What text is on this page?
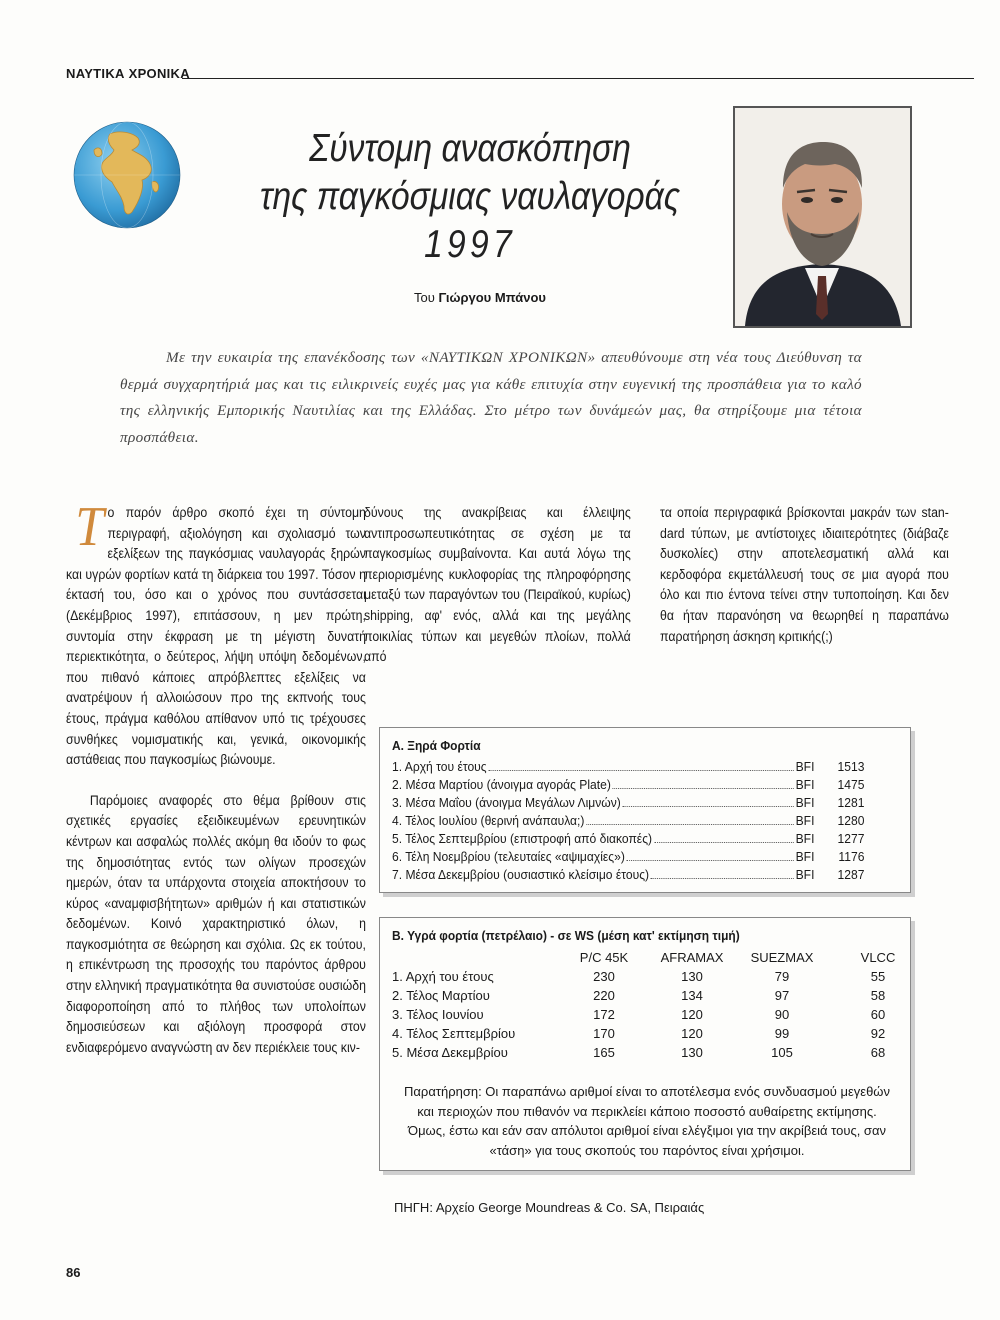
ΝΑΥΤΙΚΑ ΧΡΟΝΙΚΑ
Σύντομη ανασκόπηση
της παγκόσμιας ναυλαγοράς
1997
Του Γιώργου Μπάνου

Με την ευκαιρία της επανέκδοσης των «ΝΑΥΤΙΚΩΝ ΧΡΟΝΙΚΩΝ» απευθύνουμε στη νέα τους Διεύθυνση τα θερμά συγχαρητήριά μας και τις ειλικρινείς ευχές μας για κάθε επιτυχία στην ευγενική της προσπάθεια για το καλό της ελληνικής Εμπορικής Ναυτιλίας και της Ελλάδας. Στο μέτρο των δυνάμεών μας, θα στηρίξουμε μια τέτοια προσπάθεια.

Το παρόν άρθρο σκοπό έχει τη σύντομη περιγραφή, αξιολόγηση και σχολιασμό των εξελίξεων της παγκόσμιας ναυλαγοράς ξηρών και υγρών φορτίων κατά τη διάρκεια του 1997. Τόσον η έκτασή του, όσο και ο χρόνος που συντάσσεται (Δεκέμβριος 1997), επιτάσσουν, η μεν πρώτη, συντομία στην έκφραση με τη μέγιστη δυνατή περιεκτικότητα, ο δεύτερος, λήψη υπόψη δεδομένων, που πιθανό κάποιες απρόβλεπτες εξελίξεις να ανατρέψουν ή αλλοιώσουν προ της εκπνοής τους έτους, πράγμα καθόλου απίθανον υπό τις τρέχουσες συνθήκες νομισματικής και, γενικά, οικονομικής αστάθειας που παγκοσμίως βιώνουμε.

Παρόμοιες αναφορές στο θέμα βρίθουν στις σχετικές εργασίες εξειδικευμένων ερευνητικών κέντρων και ασφαλώς πολλές ακόμη θα ιδούν το φως της δημοσιότητας εντός των ολίγων προσεχών ημερών, όταν τα υπάρχοντα στοιχεία αποκτήσουν το κύρος «αναμφισβήτητων» αριθμών ή και στατιστικών δεδομένων. Κοινό χαρακτηριστικό όλων, η παγκοσμιότητα σε θεώρηση και σχόλια. Ως εκ τούτου, η επικέντρωση της προσοχής του παρόντος άρθρου στην ελληνική πραγματικότητα θα συνιστούσε ουσιώδη διαφοροποίηση από το πλήθος των υπολοίπων δημοσιεύσεων και αξιόλογη προσφορά στον ενδιαφερόμενο αναγνώστη αν δεν περιέκλειε τους κιν-

δύνους της ανακρίβειας και έλλειψης αντιπροσωπευτικότητας σε σχέση με τα παγκοσμίως συμβαίνοντα. Και αυτά λόγω της περιορισμένης κυκλοφορίας της πληροφόρησης μεταξύ των παραγόντων του (Πειραϊκού, κυρίως) shipping, αφ' ενός, αλλά και της μεγάλης ποικιλίας τύπων και μεγεθών πλοίων, πολλά από

τα οποία περιγραφικά βρίσκονται μακράν των stan-dard τύπων, με αντίστοιχες ιδιαιτερότητες (διάβαζε δυσκολίες) στην αποτελεσματική αλλά και κερδοφόρα εκμετάλλευσή τους σε μια αγορά που όλο και πιο έντονα τείνει στην τυποποίηση. Και δεν θα ήταν παρανόηση να θεωρηθεί η παραπάνω παρατήρηση άσκηση κριτικής(;)

Α. Ξηρά Φορτία
1. Αρχή του έτους	BFI	1513
2. Μέσα Μαρτίου (άνοιγμα αγοράς Plate)	BFI	1475
3. Μέσα Μαΐου (άνοιγμα Μεγάλων Λιμνών)	BFI	1281
4. Τέλος Ιουλίου (θερινή ανάπαυλα;)	BFI	1280
5. Τέλος Σεπτεμβρίου (επιστροφή από διακοπές)	BFI	1277
6. Τέλη Νοεμβρίου (τελευταίες «αψιμαχίες»)	BFI	1176
7. Μέσα Δεκεμβρίου (ουσιαστικό κλείσιμο έτους)	BFI	1287
Β. Υγρά φορτία (πετρέλαιο) - σε WS (μέση κατ' εκτίμηση τιμή)
P/C 45K	AFRAMAX	SUEZMAX	VLCC
1. Αρχή του έτους	230	130	79	55
2. Τέλος Μαρτίου	220	134	97	58
3. Τέλος Ιουνίου	172	120	90	60
4. Τέλος Σεπτεμβρίου	170	120	99	92
5. Μέσα Δεκεμβρίου	165	130	105	68
Παρατήρηση: Οι παραπάνω αριθμοί είναι το αποτέλεσμα ενός συνδυασμού μεγεθών και περιοχών που πιθανόν να περικλείει κάποιο ποσοστό αυθαίρετης εκτίμησης. Όμως, έστω και εάν σαν απόλυτοι αριθμοί είναι ελέγξιμοι για την ακρίβειά τους, σαν «τάση» για τους σκοπούς του παρόντος είναι χρήσιμοι.
ΠΗΓΗ: Αρχείο George Moundreas & Co. SA, Πειραιάς
86
